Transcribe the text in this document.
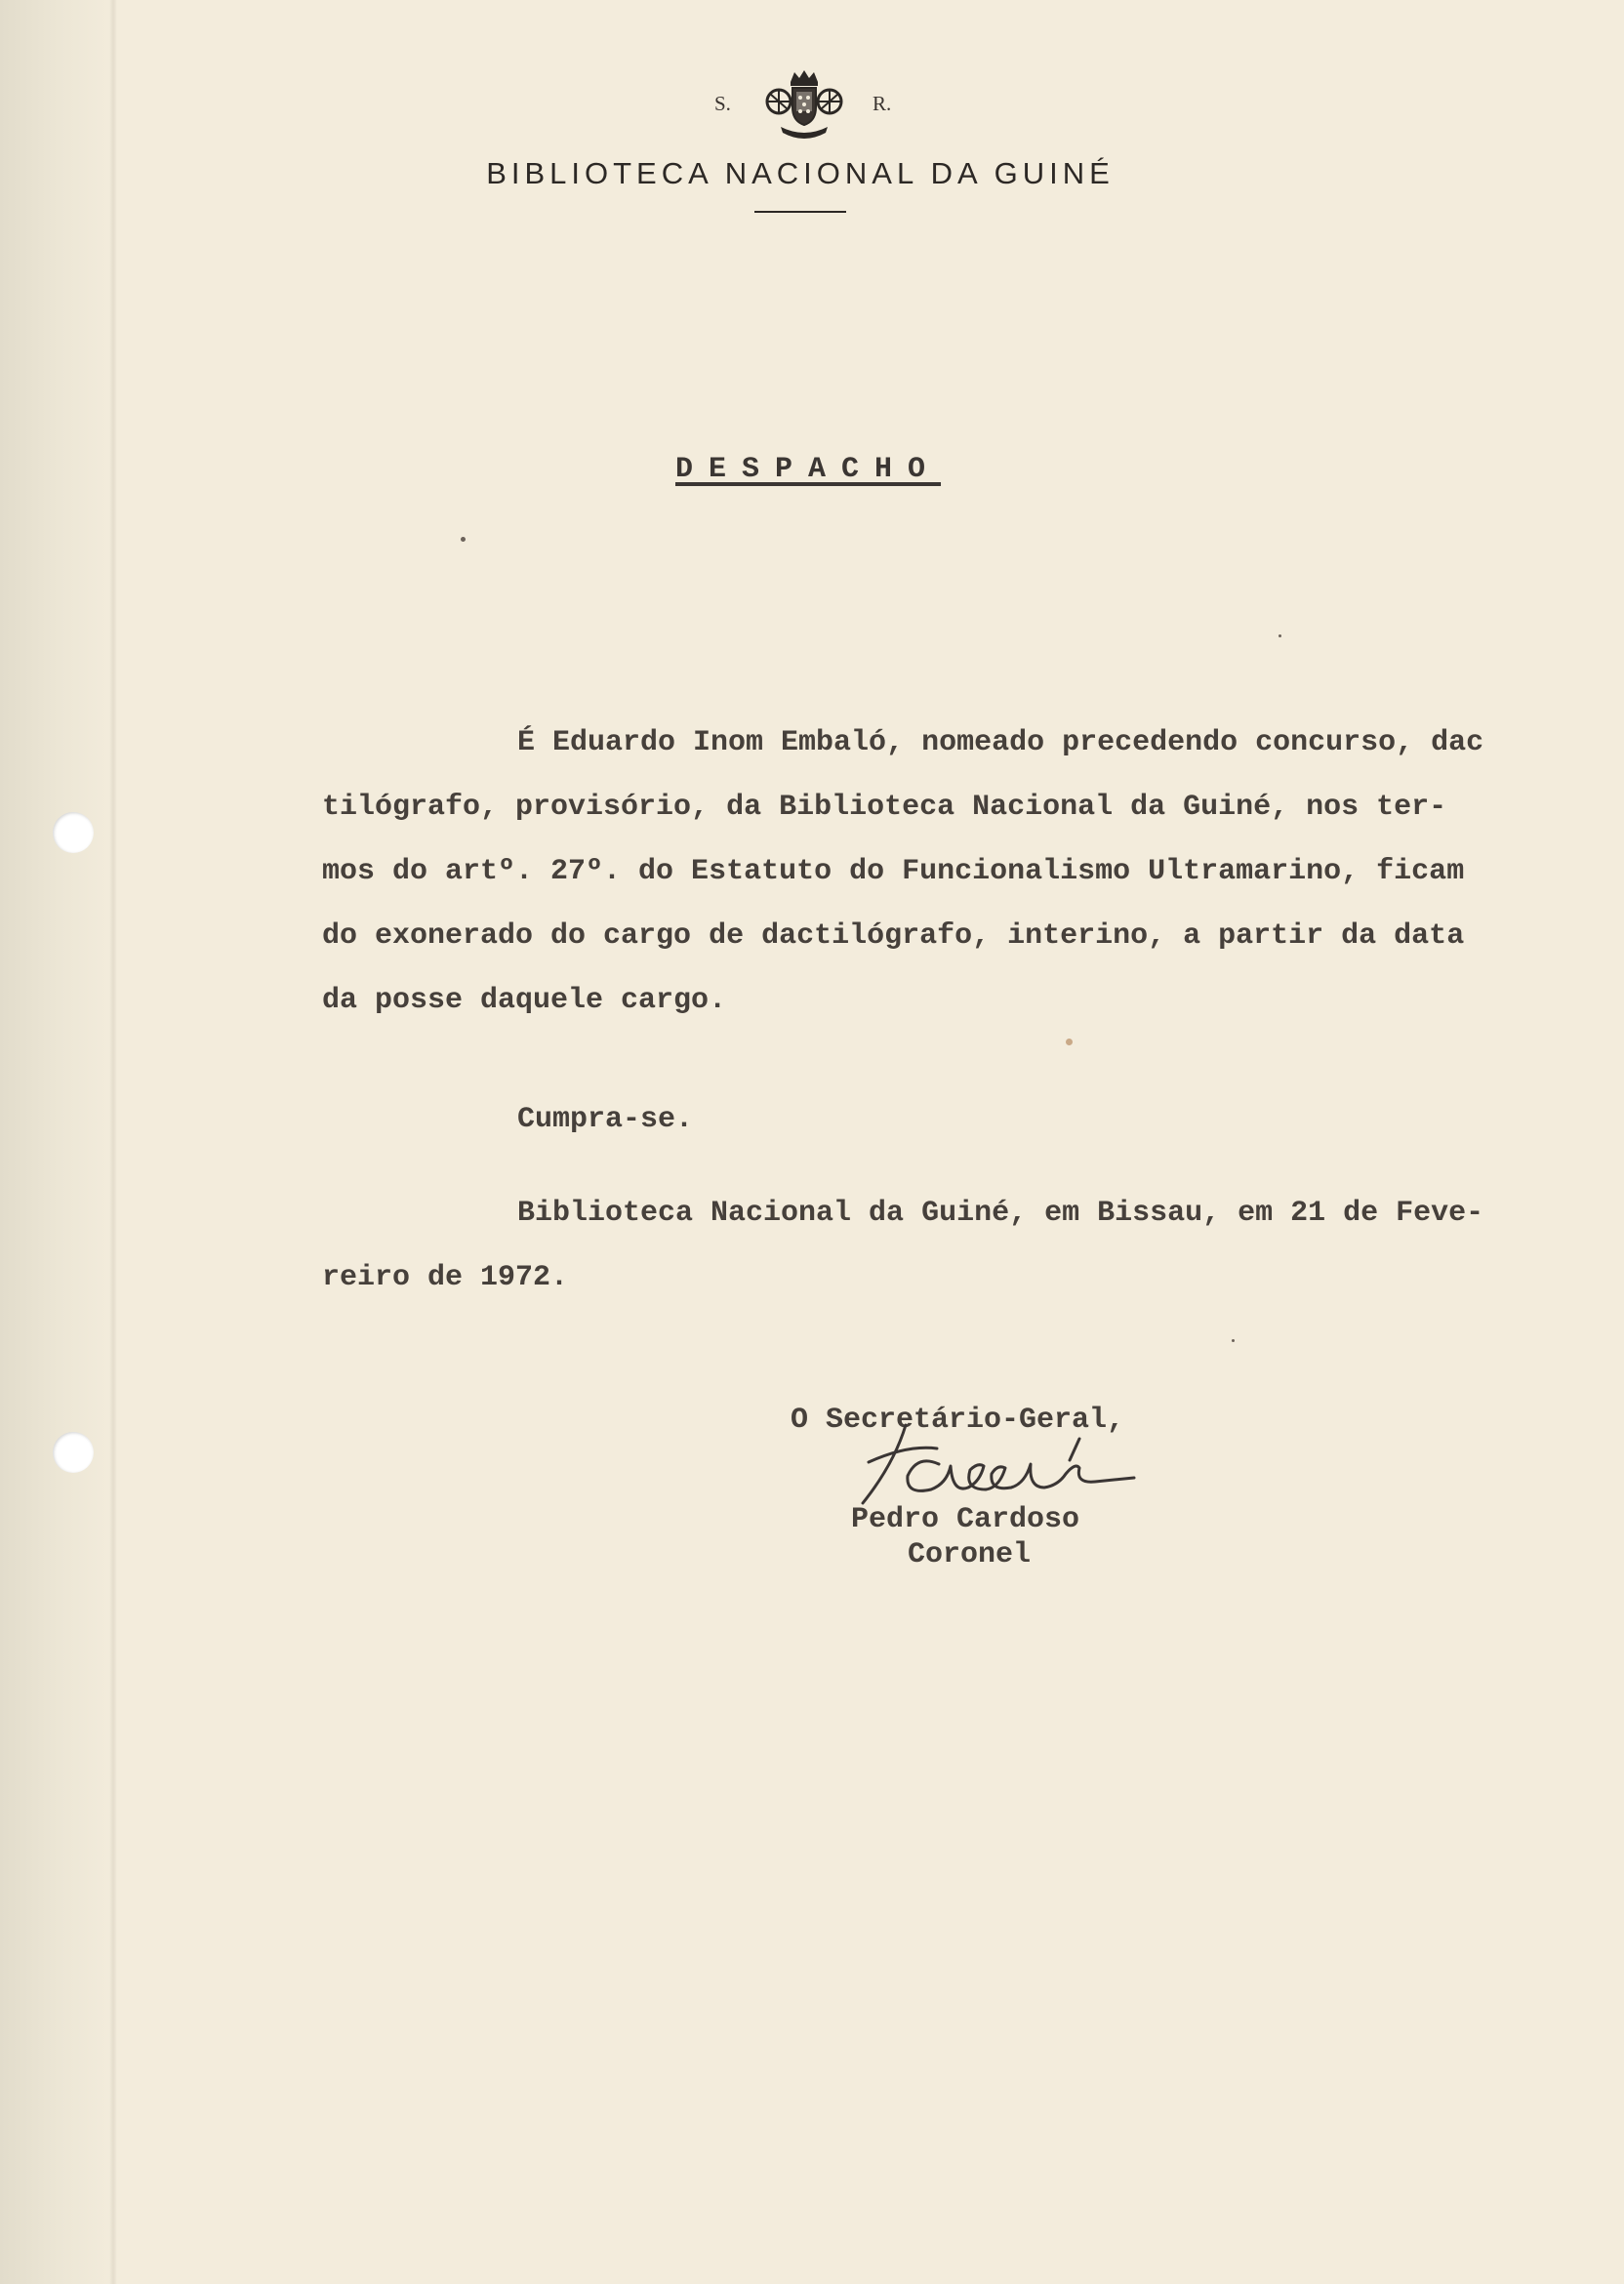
S.	R.
BIBLIOTECA NACIONAL DA GUINÉ
DESPACHO
É Eduardo Inom Embaló, nomeado precedendo concurso, dac
tilógrafo, provisório, da Biblioteca Nacional da Guiné, nos ter-
mos do artº. 27º. do Estatuto do Funcionalismo Ultramarino, ficam
do exonerado do cargo de dactilógrafo, interino, a partir da data
da posse daquele cargo.
Cumpra-se.
Biblioteca Nacional da Guiné, em Bissau, em 21 de Feve-
reiro de 1972.
O Secretário-Geral,
Pedro Cardoso
Coronel
